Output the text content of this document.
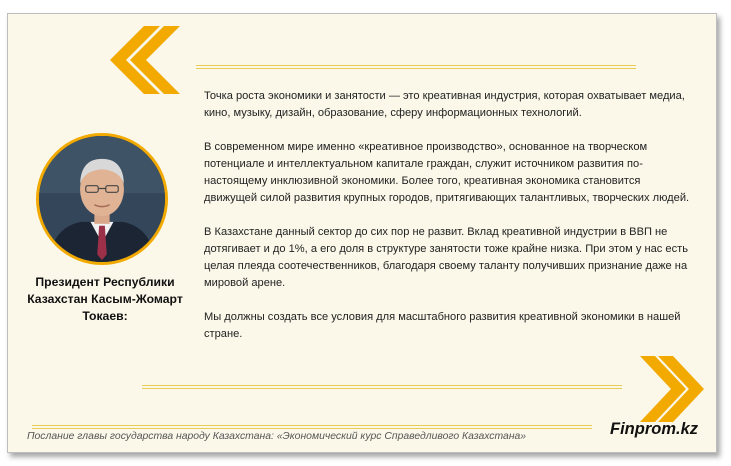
Президент Республики Казахстан Касым-Жомарт Токаев:

Точка роста экономики и занятости — это креативная индустрия, которая охватывает медиа, кино, музыку, дизайн, образование, сферу информационных технологий.

В современном мире именно «креативное производство», основанное на творческом потенциале и интеллектуальном капитале граждан, служит источником развития по-настоящему инклюзивной экономики. Более того, креативная экономика становится движущей силой развития крупных городов, притягивающих талантливых, творческих людей.

В Казахстане данный сектор до сих пор не развит. Вклад креативной индустрии в ВВП не дотягивает и до 1%, а его доля в структуре занятости тоже крайне низка. При этом у нас есть целая плеяда соотечественников, благодаря своему таланту получивших признание даже на мировой арене.

Мы должны создать все условия для масштабного развития креативной экономики в нашей стране.

Послание главы государства народу Казахстана: «Экономический курс Справедливого Казахстана»	Finprom.kz
